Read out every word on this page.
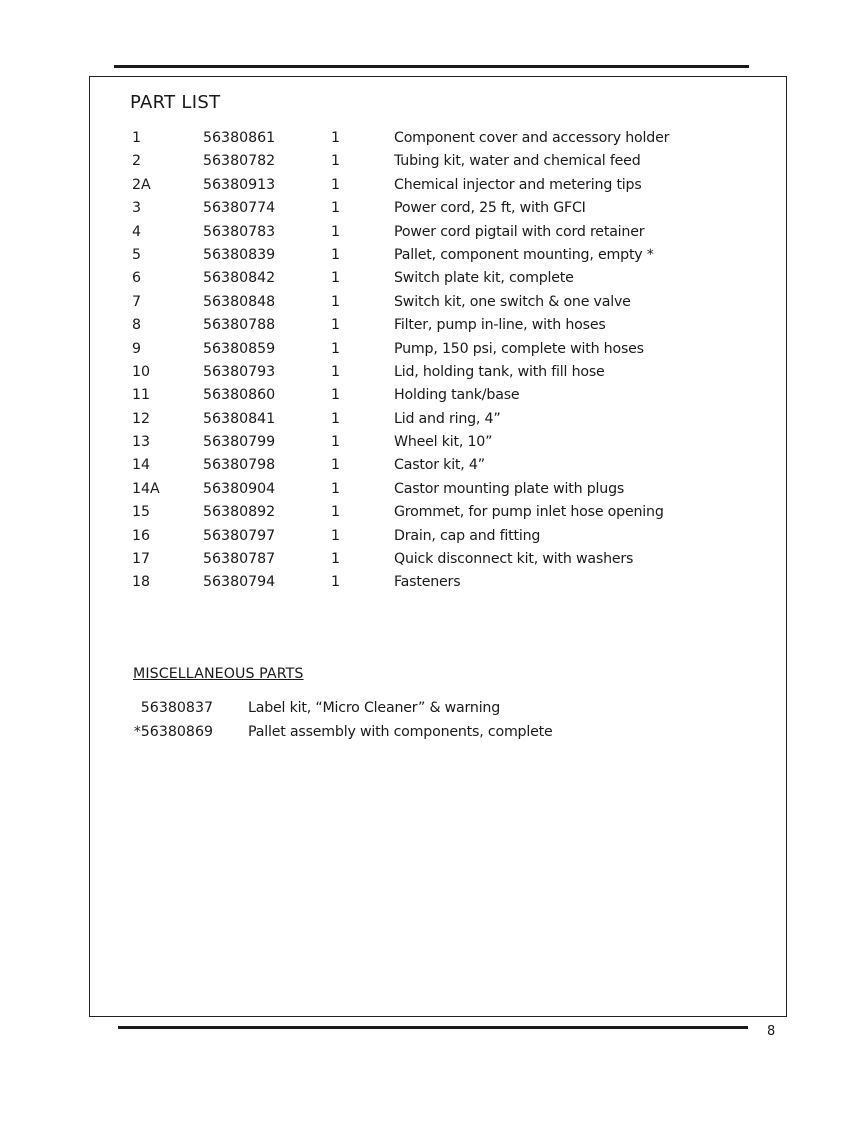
PART LIST
1	56380861	1	Component cover and accessory holder
2	56380782	1	Tubing kit, water and chemical feed
2A	56380913	1	Chemical injector and metering tips
3	56380774	1	Power cord, 25 ft, with GFCI
4	56380783	1	Power cord pigtail with cord retainer
5	56380839	1	Pallet, component mounting, empty *
6	56380842	1	Switch plate kit, complete
7	56380848	1	Switch kit, one switch & one valve
8	56380788	1	Filter, pump in-line, with hoses
9	56380859	1	Pump, 150 psi, complete with hoses
10	56380793	1	Lid, holding tank, with fill hose
11	56380860	1	Holding tank/base
12	56380841	1	Lid and ring, 4”
13	56380799	1	Wheel kit, 10”
14	56380798	1	Castor kit, 4”
14A	56380904	1	Castor mounting plate with plugs
15	56380892	1	Grommet, for pump inlet hose opening
16	56380797	1	Drain, cap and fitting
17	56380787	1	Quick disconnect kit, with washers
18	56380794	1	Fasteners
MISCELLANEOUS PARTS
56380837 Label kit, “Micro Cleaner” & warning
*56380869 Pallet assembly with components, complete
8
